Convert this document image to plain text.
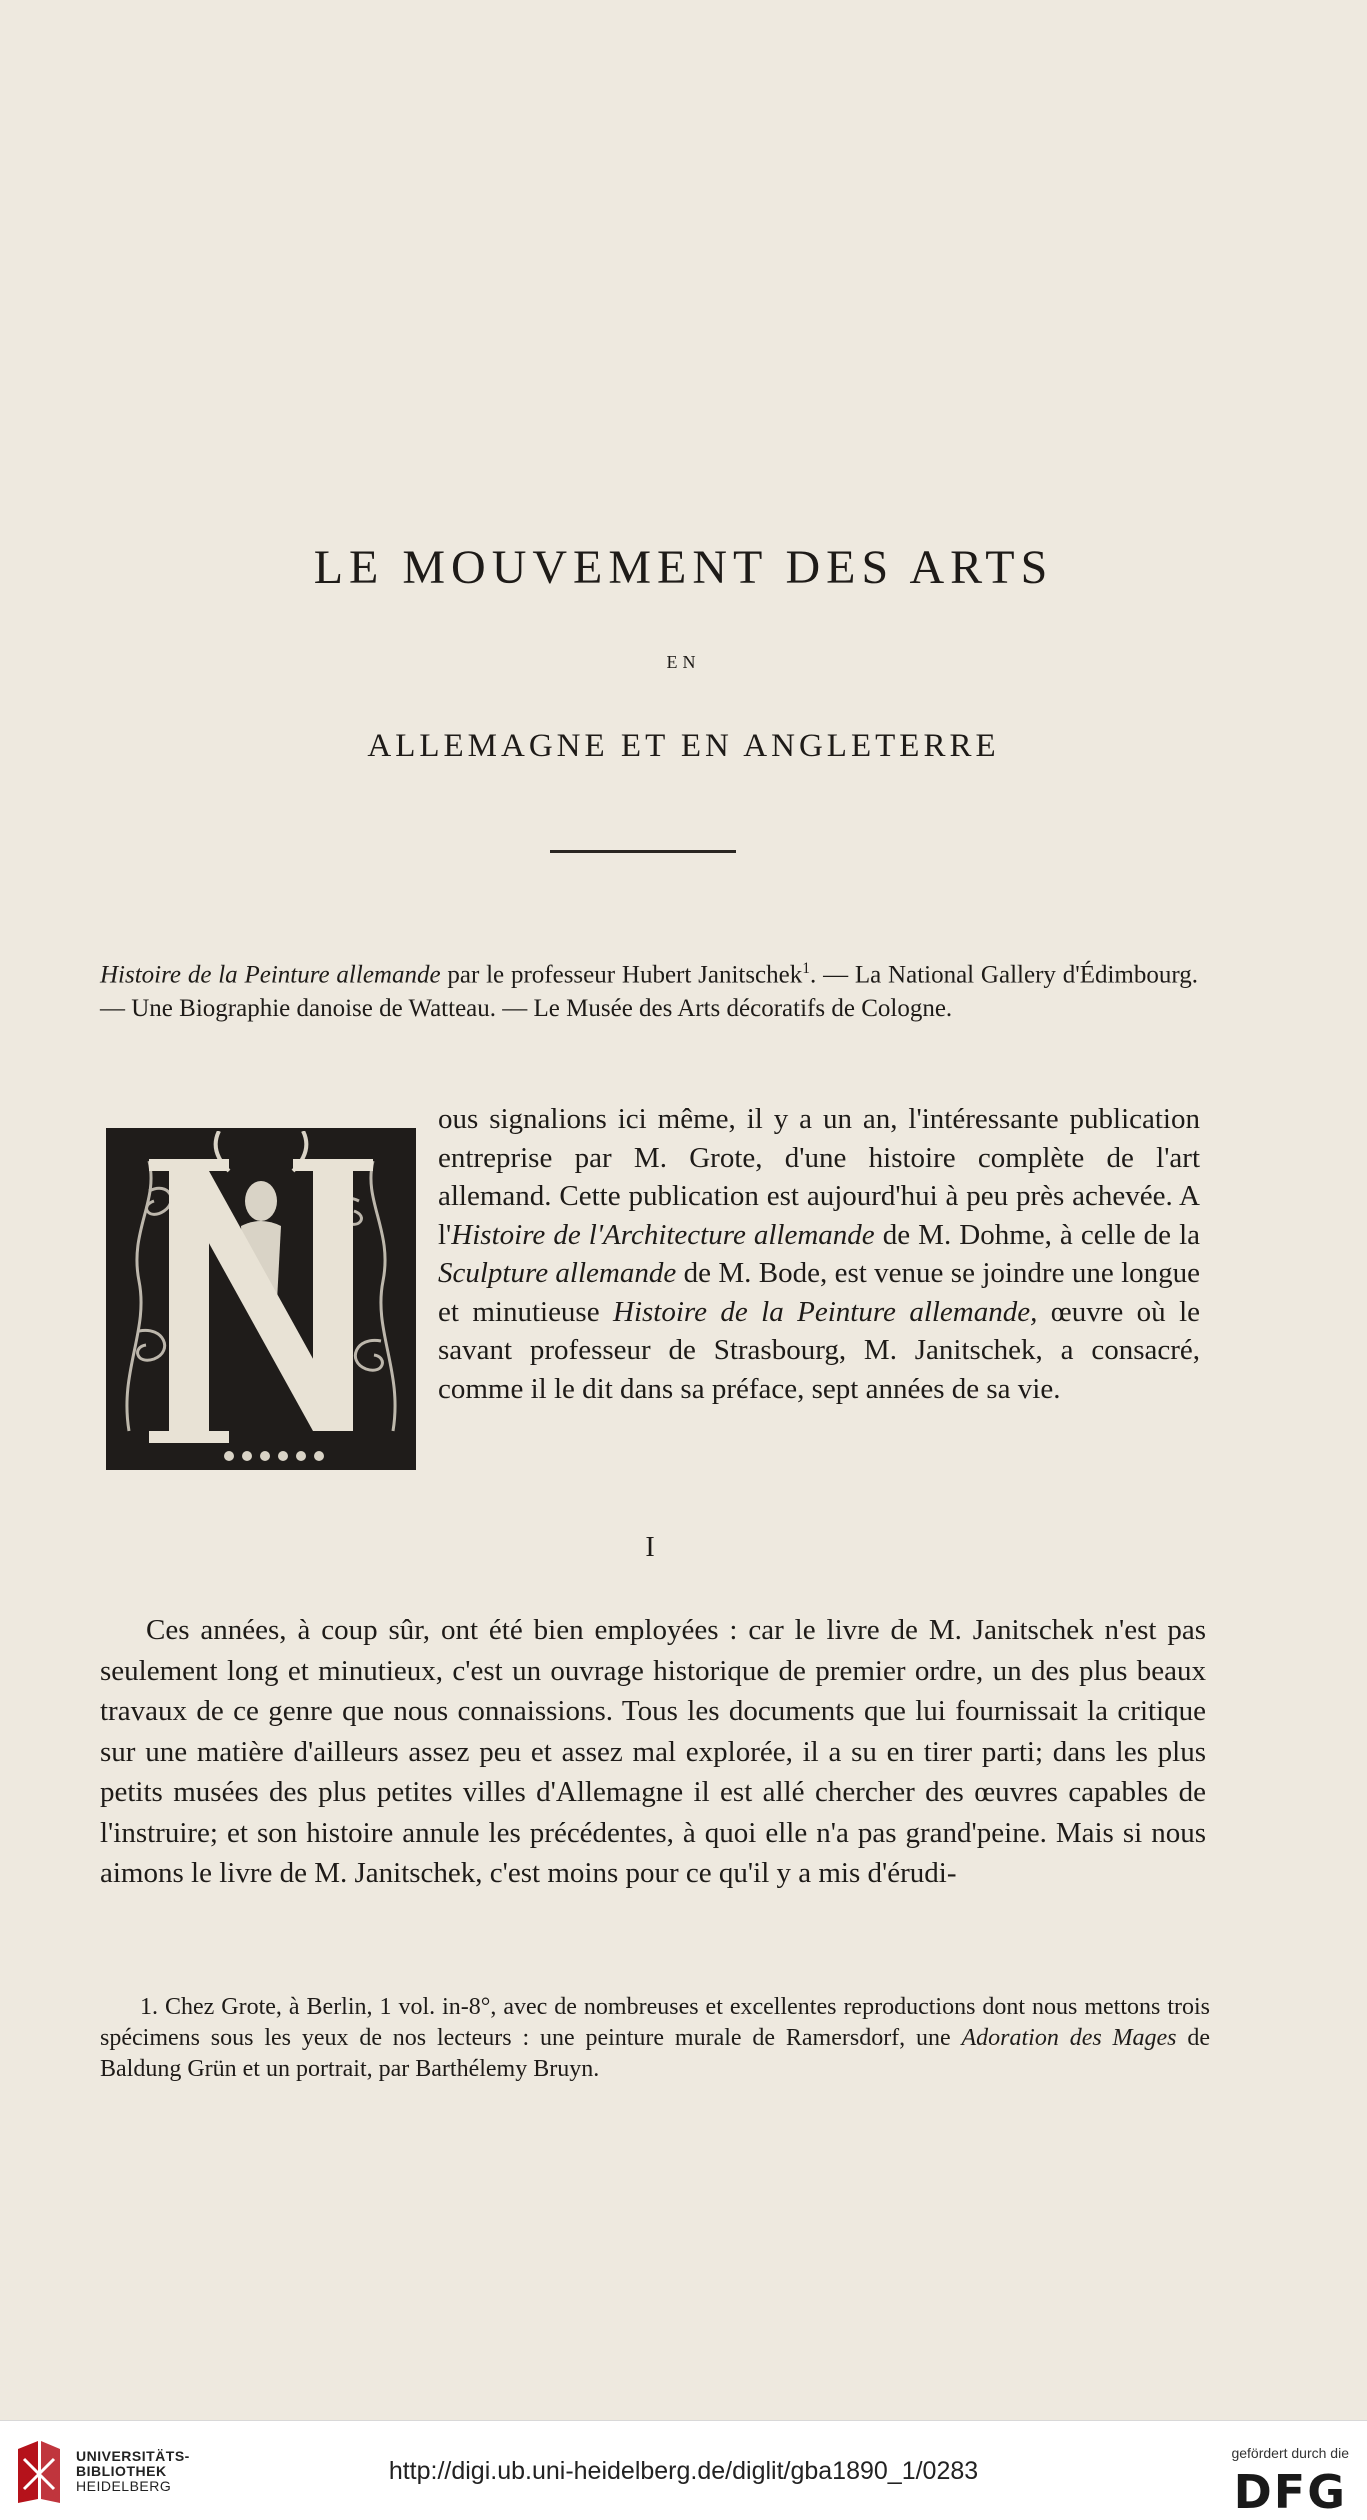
LE MOUVEMENT DES ARTS
EN
ALLEMAGNE ET EN ANGLETERRE
Histoire de la Peinture allemande par le professeur Hubert Janitschek$^1$. — La National Gallery d'Édimbourg. — Une Biographie danoise de Watteau. — Le Musée des Arts décoratifs de Cologne.

ous signalions ici même, il y a un an, l'intéressante publication entreprise par M. Grote, d'une histoire complète de l'art allemand. Cette publication est aujourd'hui à peu près achevée. A l'Histoire de l'Architecture allemande de M. Dohme, à celle de la Sculpture allemande de M. Bode, est venue se joindre une longue et minutieuse Histoire de la Peinture allemande, œuvre où le savant professeur de Strasbourg, M. Janitschek, a consacré, comme il le dit dans sa préface, sept années de sa vie.

I

Ces années, à coup sûr, ont été bien employées : car le livre de M. Janitschek n'est pas seulement long et minutieux, c'est un ouvrage historique de premier ordre, un des plus beaux travaux de ce genre que nous connaissions. Tous les documents que lui fournissait la critique sur une matière d'ailleurs assez peu et assez mal explorée, il a su en tirer parti; dans les plus petits musées des plus petites villes d'Allemagne il est allé chercher des œuvres capables de l'instruire; et son histoire annule les précédentes, à quoi elle n'a pas grand'peine. Mais si nous aimons le livre de M. Janitschek, c'est moins pour ce qu'il y a mis d'érudi-

1. Chez Grote, à Berlin, 1 vol. in-8°, avec de nombreuses et excellentes reproductions dont nous mettons trois spécimens sous les yeux de nos lecteurs : une peinture murale de Ramersdorf, une Adoration des Mages de Baldung Grün et un portrait, par Barthélemy Bruyn.

UNIVERSITÄTS-
BIBLIOTHEK
HEIDELBERG
http://digi.ub.uni-heidelberg.de/diglit/gba1890_1/0283
gefördert durch die
DFG
